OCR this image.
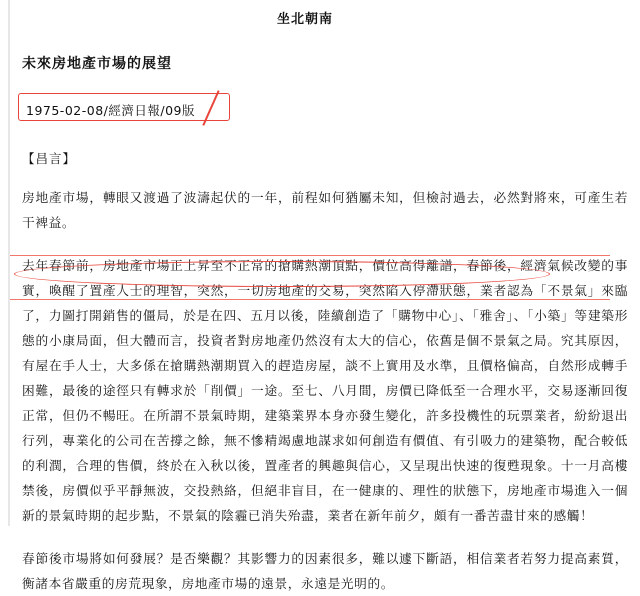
坐北朝南
未來房地產市場的展望
1975-02-08/經濟日報/09版
【昌言】

房地產市場，轉眼又渡過了波濤起伏的一年，前程如何猶屬未知，但檢討過去，必然對將來，可產生若干裨益。

去年春節前，房地產市場正上昇至不正常的搶購熱潮頂點，價位高得離譜，春節後，經濟氣候改變的事實，喚醒了置產人士的理智，突然，一切房地產的交易，突然陷入停滯狀態，業者認為「不景氣」來臨了，力圖打開銷售的僵局，於是在四、五月以後，陸續創造了「購物中心」、「雅舍」、「小築」等建築形態的小康局面，但大體而言，投資者對房地產仍然沒有太大的信心，依舊是個不景氣之局。究其原因，有屋在手人士，大多係在搶購熱潮期買入的趕造房屋，談不上實用及水準，且價格偏高，自然形成轉手困難，最後的途徑只有轉求於「削價」一途。至七、八月間，房價已降低至一合理水平，交易逐漸回復正常，但仍不暢旺。在所謂不景氣時期，建築業界本身亦發生變化，許多投機性的玩票業者，紛紛退出行列，專業化的公司在苦撐之餘，無不慘精竭慮地謀求如何創造有價值、有引吸力的建築物，配合較低的利潤，合理的售價，終於在入秋以後，置產者的興趣與信心，又呈現出快速的復甦現象。十一月高樓禁後，房價似乎平靜無波，交投熱絡，但絕非盲目，在一健康的、理性的狀態下，房地產市場進入一個新的景氣時期的起步點，不景氣的陰霾已消失殆盡，業者在新年前夕，頗有一番苦盡甘來的感觸！

春節後市場將如何發展？是否樂觀？其影響力的因素很多，難以遽下斷語，相信業者若努力提高素質，衡諸本省嚴重的房荒現象，房地產市場的遠景，永遠是光明的。
